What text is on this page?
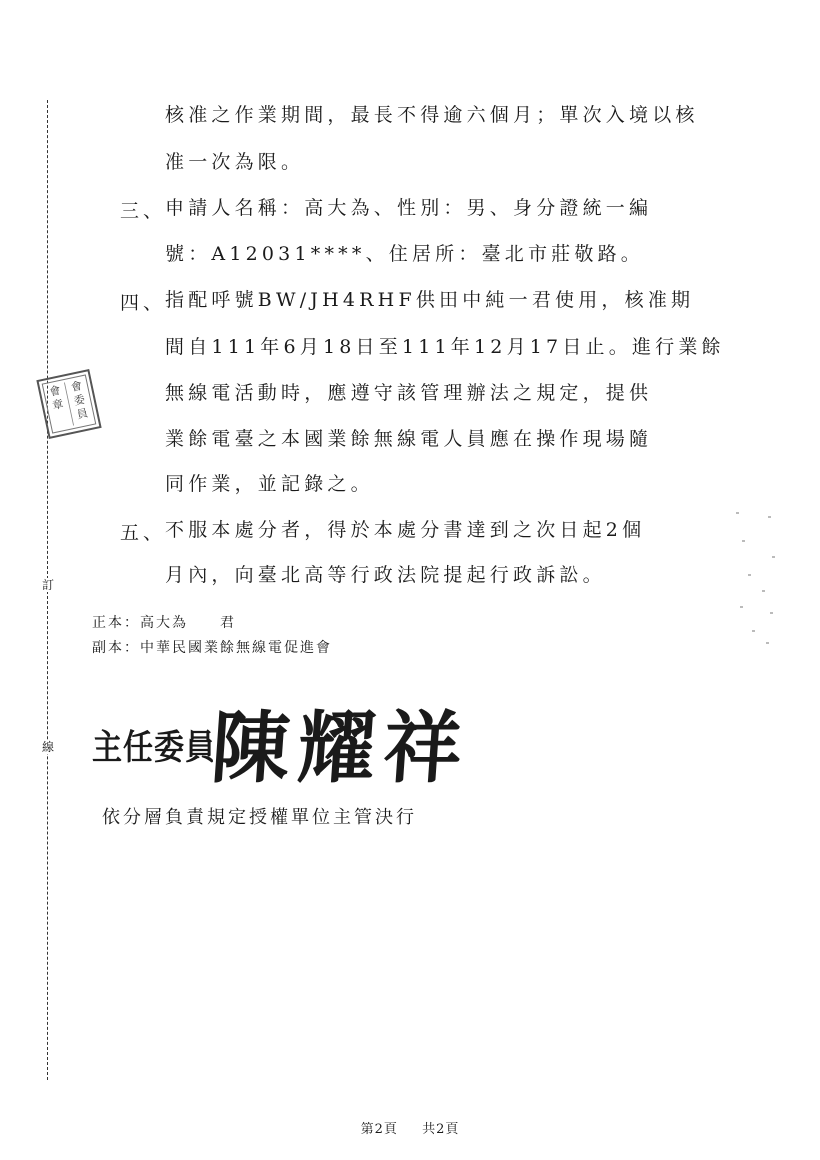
訂
線
會
委
員
會
章
核准之作業期間，最長不得逾六個月；單次入境以核
准一次為限。
三、
申請人名稱：高大為、性別：男、身分證統一編
號：A12031****、住居所：臺北市莊敬路。
四、
指配呼號BW/JH4RHF供田中純一君使用，核准期
間自111年6月18日至111年12月17日止。進行業餘
無線電活動時，應遵守該管理辦法之規定，提供
業餘電臺之本國業餘無線電人員應在操作現場隨
同作業，並記錄之。
五、
不服本處分者，得於本處分書達到之次日起2個
月內，向臺北高等行政法院提起行政訴訟。
正本：高大為　　君
副本：中華民國業餘無線電促進會
主任委員
陳耀祥
依分層負責規定授權單位主管決行
第2頁 共2頁
